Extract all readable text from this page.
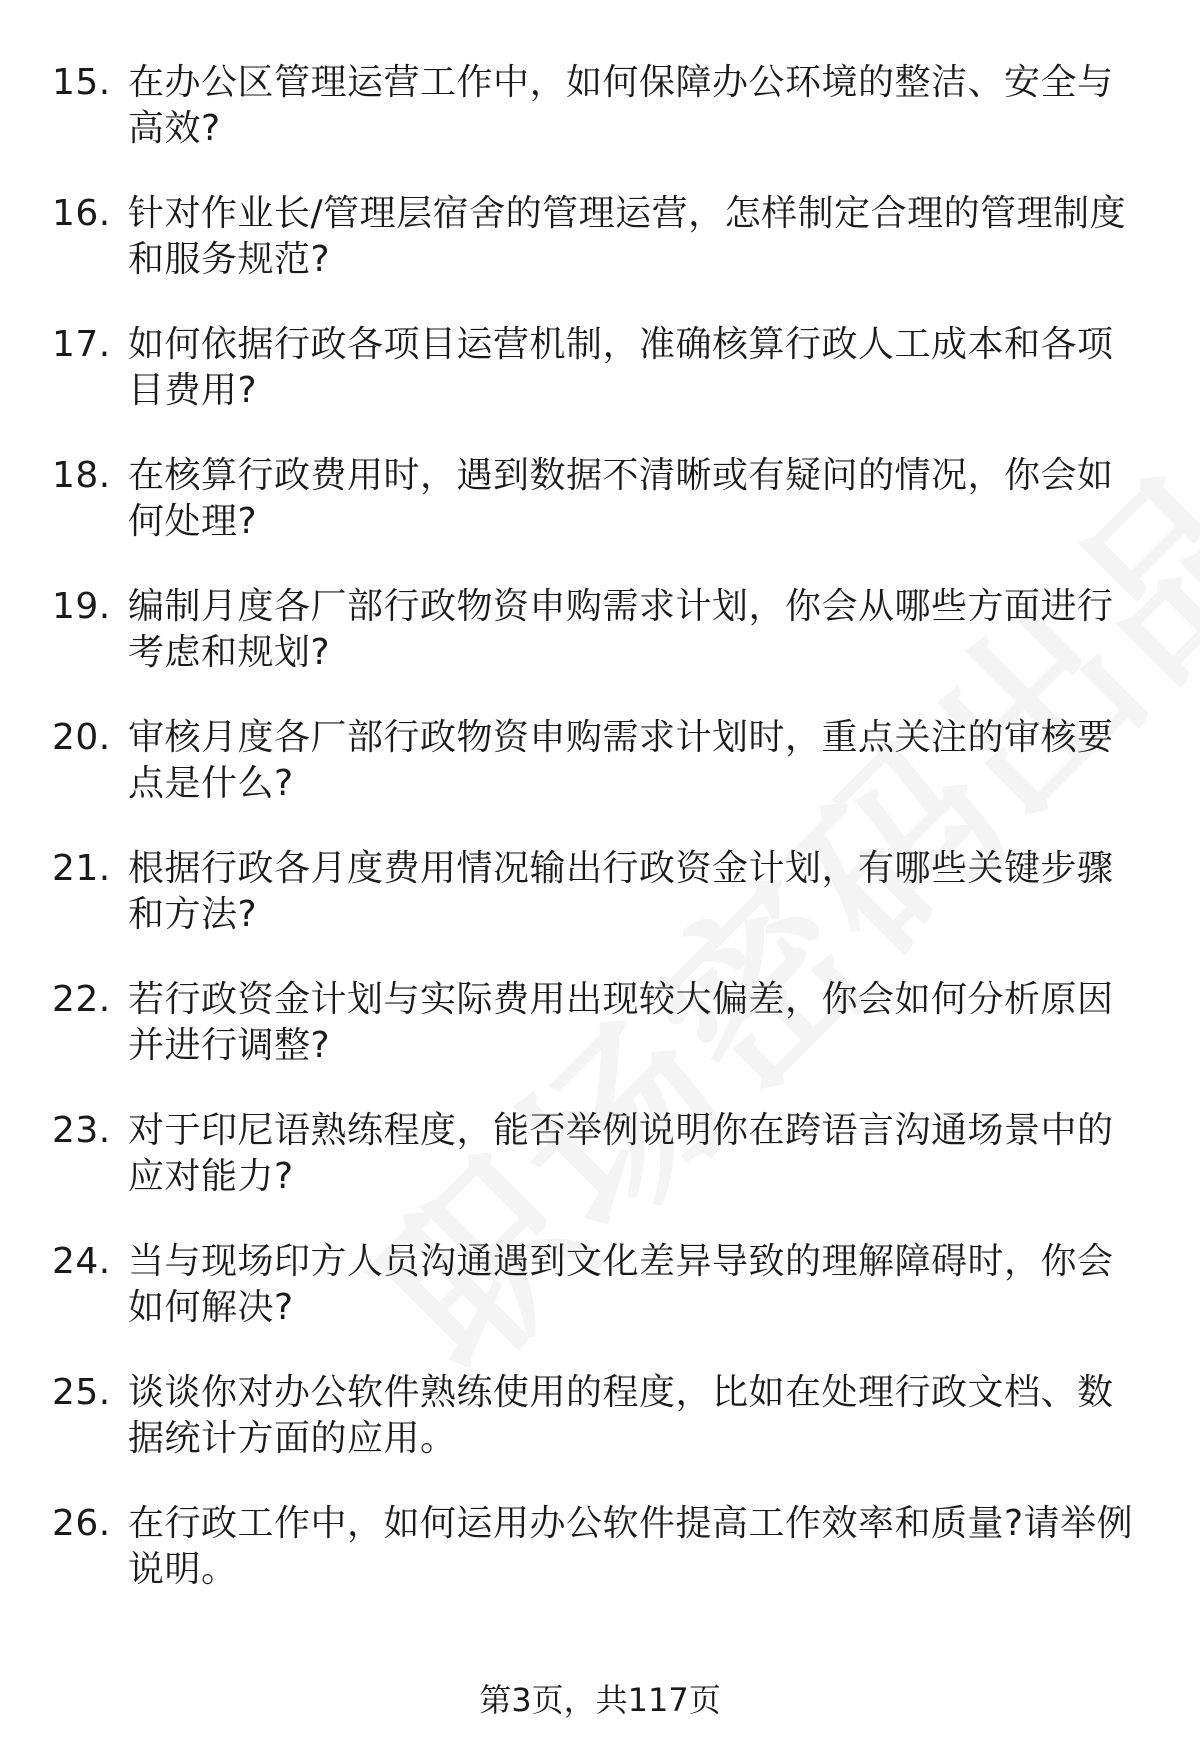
15. 在办公区管理运营工作中，如何保障办公环境的整洁、安全与高效?
16. 针对作业长/管理层宿舍的管理运营，怎样制定合理的管理制度和服务规范?
17. 如何依据行政各项目运营机制，准确核算行政人工成本和各项目费用?
18. 在核算行政费用时，遇到数据不清晰或有疑问的情况，你会如何处理?
19. 编制月度各厂部行政物资申购需求计划，你会从哪些方面进行考虑和规划?
20. 审核月度各厂部行政物资申购需求计划时，重点关注的审核要点是什么?
21. 根据行政各月度费用情况输出行政资金计划，有哪些关键步骤和方法?
22. 若行政资金计划与实际费用出现较大偏差，你会如何分析原因并进行调整?
23. 对于印尼语熟练程度，能否举例说明你在跨语言沟通场景中的应对能力?
24. 当与现场印方人员沟通遇到文化差异导致的理解障碍时，你会如何解决?
25. 谈谈你对办公软件熟练使用的程度，比如在处理行政文档、数据统计方面的应用。
26. 在行政工作中，如何运用办公软件提高工作效率和质量?请举例说明。
第3页，共117页
